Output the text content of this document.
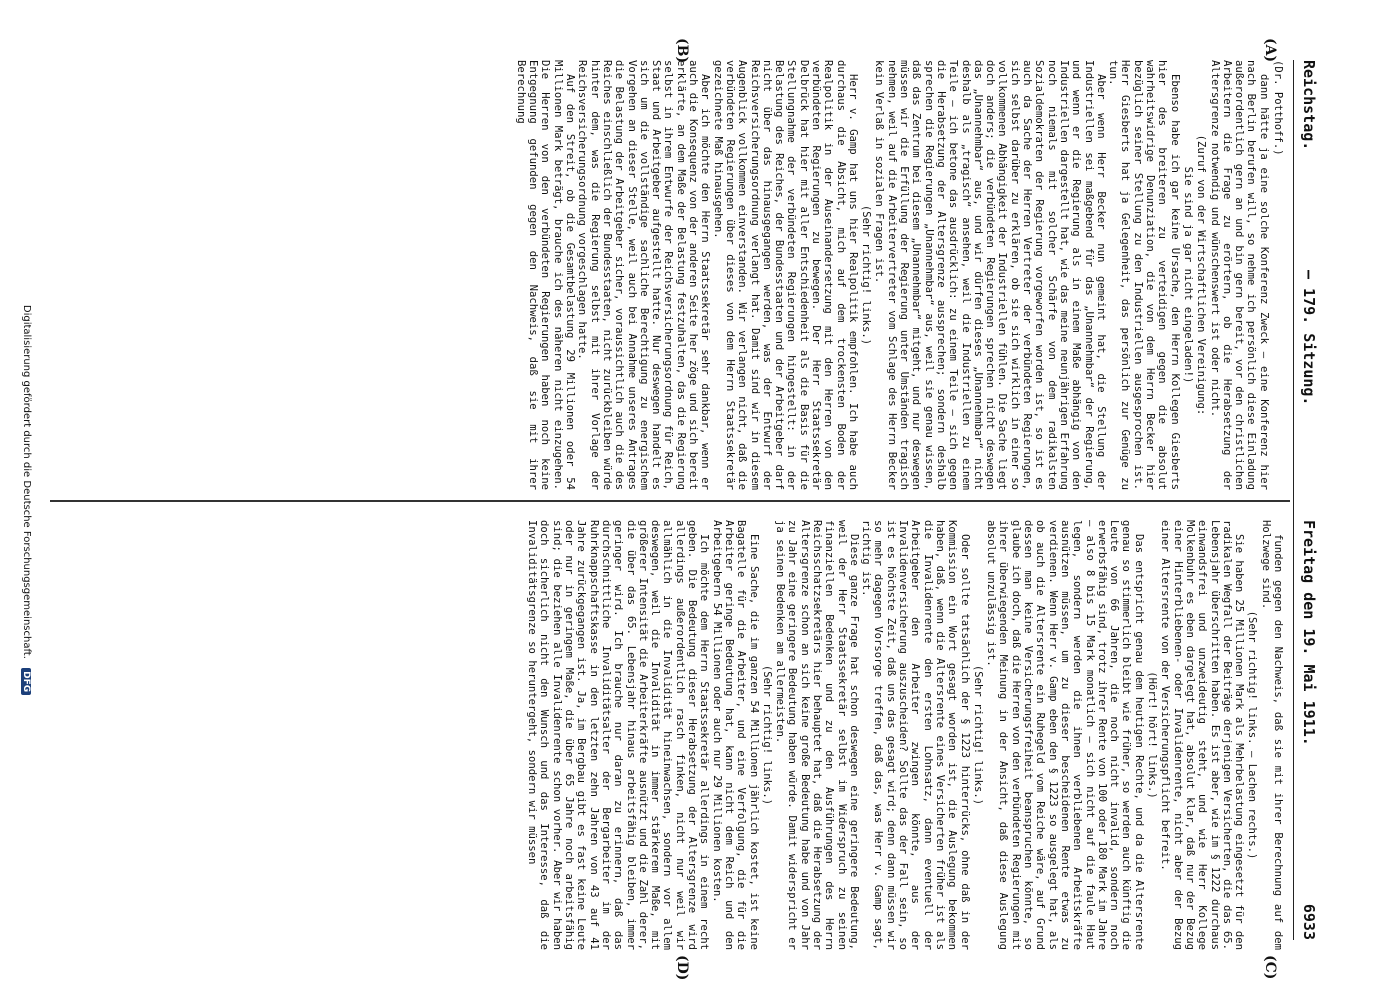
Reichstag.
— 179. Sitzung.
Freitag den 19. Mai 1911.
6933
(A)
(B)
(C)
(D)

(Dr. Potthoff.)

dann hätte ja eine solche Konferenz Zweck — eine Konferenz hier nach Berlin berufen will, so nehme ich persönlich diese Einladung außerordentlich gern an und bin gern bereit, vor den christlichen Arbeitern die Frage zu erörtern, ob die Herabsetzung der Altersgrenze notwendig und wünschenswert ist oder nicht.

(Zuruf von der Wirtschaftlichen Vereinigung:

Sie sind ja gar nicht eingeladen!)

Ebenso habe ich gar keine Ursache, den Herrn Kollegen Giesberts hier des breiteren zu verteidigen gegen die absolut wahrheitswidrige Denunziation, die von dem Herrn Becker hier bezüglich seiner Stellung zu den Industriellen ausgesprochen ist. Herr Giesberts hat ja Gelegenheit, das persönlich zur Genüge zu tun.

Aber wenn Herr Becker nun gemeint hat, die Stellung der Industriellen sei maßgebend für das „Unannehmbar“ der Regierung, und wenn er die Regierung als in einem Maße abhängig von den Industriellen dargestellt hat, wie das meine neunjährigen Erfahrung noch niemals mit solcher Schärfe von dem radikalsten Sozialdemokraten der Regierung vorgeworfen worden ist, so ist es auch da Sache der Herren Vertreter der verbündeten Regierungen, sich selbst darüber zu erklären, ob sie sich wirklich in einer so vollkommenen Abhängigkeit der Industriellen fühlen. Die Sache liegt doch anders; die verbündeten Regierungen sprechen nicht deswegen das „Unannehmbar“ aus, und wir dürfen dieses „Unannehmbar“ nicht deshalb als „tragisch“ ansehen, weil die Industriellen zu einem Teile — ich betone das ausdrücklich: zu einem Teile — sich gegen die Herabsetzung der Altersgrenze aussprechen; sondern deshalb sprechen die Regierungen „Unannehmbar“ aus, weil sie genau wissen, daß das Zentrum bei diesem „Unannehmbar“ mitgeht, und nur deswegen müssen wir die Erfüllung der Regierung unter Umständen tragisch nehmen, weil auf die Arbeitervertreter vom Schlage des Herrn Becker kein Verlaß in sozialen Fragen ist.

(Sehr richtig! links.)

Herr v. Gamp hat uns hier Realpolitik empfohlen. Ich habe auch durchaus die Absicht, mich auf dem trockensten Boden der Realpolitik in der Auseinandersetzung mit den Herren von den verbündeten Regierungen zu bewegen. Der Herr Staatssekretär Delbrück hat hier mit aller Entschiedenheit als die Basis für die Stellungnahme der verbündeten Regierungen hingestellt: in der Belastung des Reiches, der Bundesstaaten und der Arbeitgeber darf nicht über das hinausgegangen werden, was der Entwurf der Reichsversicherungsordnung verlangt hat. Damit sind wir in diesem Augenblick vollkommen einverstanden. Wir verlangen nicht, daß die verbündeten Regierungen über dieses von dem Herrn Staatssekretär gezeichnete Maß hinausgehen.

Aber ich möchte den Herrn Staatssekretär sehr dankbar, wenn er auch die Konsequenz von der anderen Seite her zöge und sich bereit erklärte, an dem Maße der Belastung festzuhalten, das die Regierung selbst in ihrem Entwurfe der Reichsversicherungsordnung für Reich, Staat und Arbeitgeber aufgestellt hatte. Nur deswegen handelt es sich um die vollständige sachliche Berechtigung zu energischem Vorgehen an dieser Stelle, weil auch bei Annahme unseres Antrages die Belastung der Arbeitgeber sicher, voraussichtlich auch die des Reiches einschließlich der Bundesstaaten, nicht zurückbleiben würde hinter dem, was die Regierung selbst mit ihrer Vorlage der Reichsversicherungsordnung vorgeschlagen hatte.

Auf den Streit, ob die Gesamtbelastung 29 Millionen oder 54 Millionen Mark beträgt, brauche ich des näheren nicht einzugehen. Die Herren von den verbündeten Regierungen haben noch keine Entgegnung gefunden gegen den Nachweis, daß sie mit ihrer Berechnung

funden gegen den Nachweis, daß sie mit ihrer Berechnung auf dem Holzwege sind.

(Sehr richtig! links. — Lachen rechts.)

Sie haben 25 Millionen Mark als Mehrbelastung eingesetzt für den radikalen Wegfall der Beiträge derjenigen Versicherten, die das 65. Lebensjahr überschritten haben. Es ist aber, wie im § 1222 durchaus einwandsfrei und unzweideutig steht, und wie Herr Kollege Molkenbuhr es eben dargelegt hat, absolut klar, daß nur der Bezug einer Hinterbliebenen- oder Invalidenrente, nicht aber der Bezug einer Altersrente von der Versicherungspflicht befreit.

(Hört! hört! links.)

Das entspricht genau dem heutigen Rechte, und da die Altersrente genau so stimmerlich bleibt wie früher, so werden auch künftig die Leute von 66 Jahren, die noch nicht invalid, sondern noch erwerbsfähig sind, trotz ihrer Rente von 100 oder 180 Mark im Jahre — also 8 bis 15 Mark monatlich — sich nicht auf die faule Haut legen, sondern werden die ihnen verbliebenen Arbeitskräfte ausnützen müssen, um zu dieser bescheidenen Rente etwas zu verdienen. Wenn Herr v. Gamp eben den § 1223 so ausgelegt hat, als ob auch die Altersrente ein Ruhegeld vom Reiche wäre, auf Grund dessen man keine Versicherungsfreiheit beanspruchen könnte, so glaube ich doch, daß die Herren von den verbündeten Regierungen mit ihrer überwiegenden Meinung in der Ansicht, daß diese Auslegung absolut unzulässig ist.

(Sehr richtig! links.)

Oder sollte tatsächlich der § 1223 hinterrücks, ohne daß in der Kommission ein Wort gesagt worden ist, die Auslegung bekommen haben, daß, wenn die Altersrente eines Versicherten früher ist als die Invalidenrente den ersten Lohnsatz, dann eventuell der Arbeitgeber den Arbeiter zwingen könnte, aus der Invalidenversicherung auszuscheiden? Sollte das der Fall sein, so ist es höchste Zeit, daß uns das gesagt wird; denn dann müssen wir so mehr dagegen Vorsorge treffen, daß das, was Herr v. Gamp sagt, richtig ist.

Diese ganze Frage hat schon deswegen eine geringere Bedeutung, weil der Herr Staatssekretär selbst im Widerspruch zu seinen finanziellen Bedenken und zu den Ausführungen des Herrn Reichsschatzsekretärs hier behauptet hat, daß die Herabsetzung der Altersgrenze schon an sich keine große Bedeutung habe und von Jahr zu Jahr eine geringere Bedeutung haben würde. Damit widerspricht er ja seinen Bedenken am allermeisten.

(Sehr richtig! links.)

Eine Sache, die im ganzen 54 Millionen jährlich kostet, ist keine Bagatelle für die Arbeiter, und eine Verfolgung, die für die Arbeiter geringe Bedeutung hat, kann nicht dem Reich und den Arbeitgebern 54 Millionen oder auch nur 29 Millionen kosten.

Ich möchte dem Herrn Staatssekretär allerdings in einem recht geben. Die Bedeutung dieser Herabsetzung der Altersgrenze wird allerdings außerordentlich rasch finken, nicht nur weil wir allmählich in die Invalidität hineinwachsen, sondern vor allem deswegen, weil die Invalidität in immer stärkerem Maße, mit größerer Intensität die Arbeiterkräfte ausnützt und die Zahl derer, die über das 65. Lebensjahr hinaus arbeitsfähig bleiben, immer geringer wird. Ich brauche nur daran zu erinnern, daß das durchschnittliche Invaliditätsalter der Bergarbeiter im der Ruhrknappschaftskasse in den letzten zehn Jahren von 43 auf 41 Jahre zurückgegangen ist. Ja, im Bergbau gibt es fast keine Leute oder nur in geringem Maße, die über 65 Jahre noch arbeitsfähig sind; die beziehen alle Invalidenrente schon vorher. Aber wir haben doch sicherlich nicht den Wunsch und das Interesse, daß die Invaliditätsgrenze so heruntergeht, sondern wir müssen

Digitalisierung gefördert durch die Deutsche Forschungsgemeinschaft. DFG
